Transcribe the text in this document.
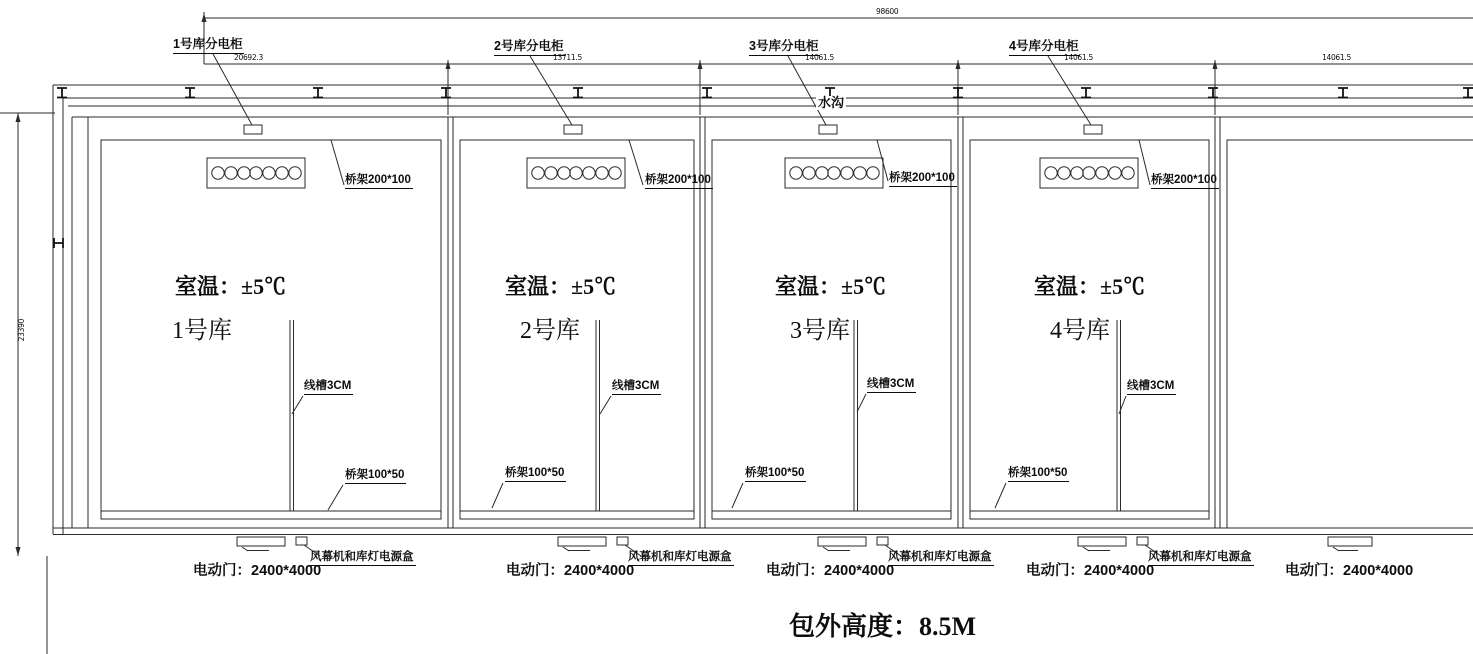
98600
20692.3	13711.5	14061.5	14061.5	14061.5
23390
1号库分电柜	2号库分电柜	3号库分电柜	4号库分电柜
水沟
桥架200*100
室温：±5℃
1号库
线槽3CM
桥架100*50
风幕机和库灯电源盒
电动门：2400*4000
桥架200*100
室温：±5℃
2号库
线槽3CM
桥架100*50
风幕机和库灯电源盒
电动门：2400*4000
桥架200*100
室温：±5℃
3号库
线槽3CM
桥架100*50
风幕机和库灯电源盒
电动门：2400*4000
桥架200*100
室温：±5℃
4号库
线槽3CM
桥架100*50
风幕机和库灯电源盒
电动门：2400*4000	电动门：2400*4000
包外高度：8.5M
